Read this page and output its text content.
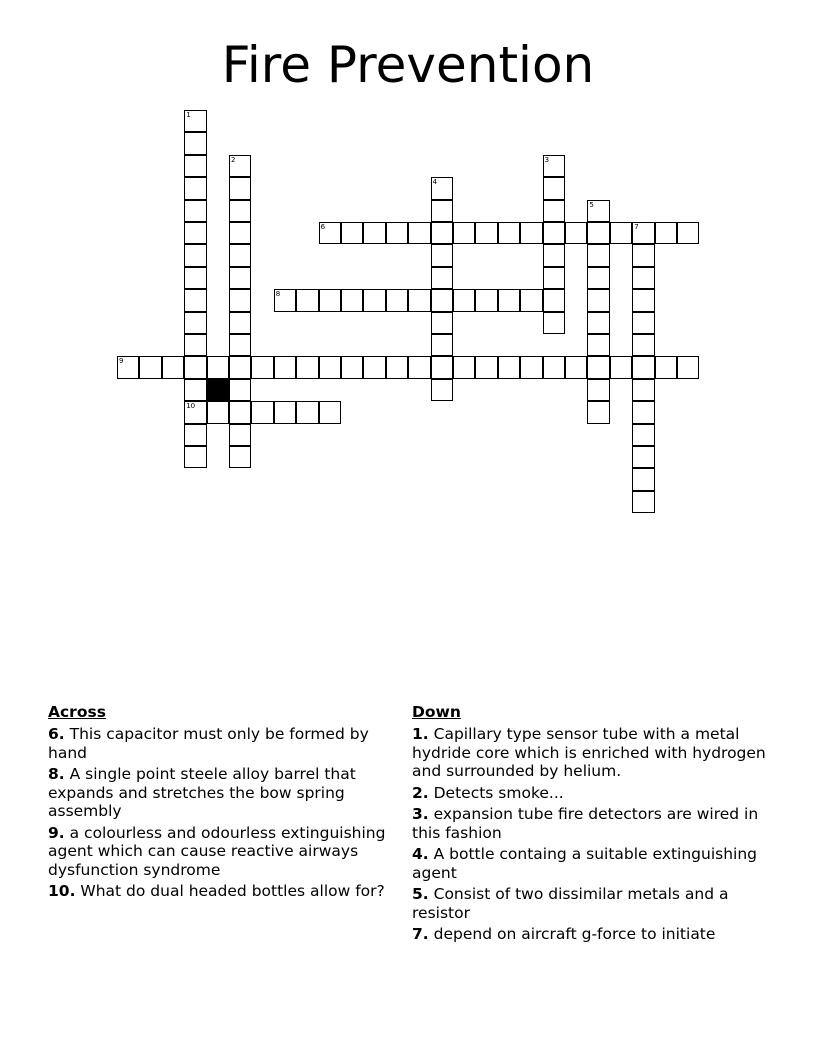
Fire Prevention
1
10
2	3
4
5
6	7
8
9
Across
6. This capacitor must only be formed by hand
8. A single point steele alloy barrel that expands and stretches the bow spring assembly
9. a colourless and odourless extinguishing agent which can cause reactive airways dysfunction syndrome
10. What do dual headed bottles allow for?
Down
1. Capillary type sensor tube with a metal hydride core which is enriched with hydrogen and surrounded by helium.
2. Detects smoke...
3. expansion tube fire detectors are wired in this fashion
4. A bottle containg a suitable extinguishing agent
5. Consist of two dissimilar metals and a resistor
7. depend on aircraft g-force to initiate
